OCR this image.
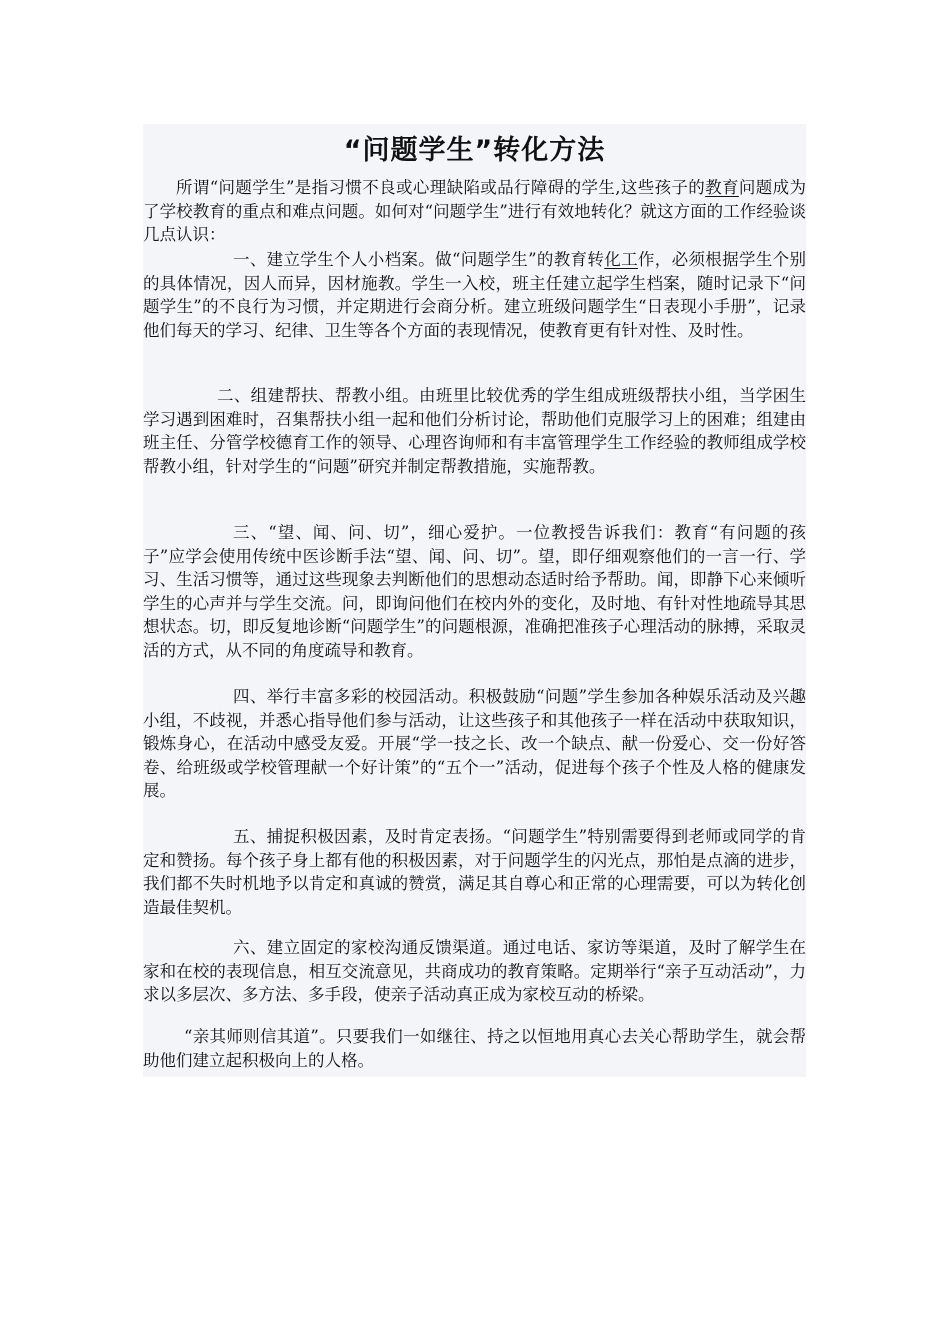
“问题学生”转化方法

所谓“问题学生”是指习惯不良或心理缺陷或品行障碍的学生,这些孩子的教育问题成为了学校教育的重点和难点问题。如何对“问题学生”进行有效地转化？就这方面的工作经验谈几点认识：

一、建立学生个人小档案。做“问题学生”的教育转化工作，必须根据学生个别的具体情况，因人而异，因材施教。学生一入校，班主任建立起学生档案，随时记录下“问题学生”的不良行为习惯，并定期进行会商分析。建立班级问题学生“日表现小手册”，记录他们每天的学习、纪律、卫生等各个方面的表现情况，使教育更有针对性、及时性。

二、组建帮扶、帮教小组。由班里比较优秀的学生组成班级帮扶小组，当学困生学习遇到困难时，召集帮扶小组一起和他们分析讨论，帮助他们克服学习上的困难；组建由班主任、分管学校德育工作的领导、心理咨询师和有丰富管理学生工作经验的教师组成学校帮教小组，针对学生的“问题”研究并制定帮教措施，实施帮教。

三、“望、闻、问、切”，细心爱护。一位教授告诉我们：教育“有问题的孩子”应学会使用传统中医诊断手法“望、闻、问、切”。望，即仔细观察他们的一言一行、学习、生活习惯等，通过这些现象去判断他们的思想动态适时给予帮助。闻，即静下心来倾听学生的心声并与学生交流。问，即询问他们在校内外的变化，及时地、有针对性地疏导其思想状态。切，即反复地诊断“问题学生”的问题根源，准确把准孩子心理活动的脉搏，采取灵活的方式，从不同的角度疏导和教育。

四、举行丰富多彩的校园活动。积极鼓励“问题”学生参加各种娱乐活动及兴趣小组，不歧视，并悉心指导他们参与活动，让这些孩子和其他孩子一样在活动中获取知识，锻炼身心，在活动中感受友爱。开展“学一技之长、改一个缺点、献一份爱心、交一份好答卷、给班级或学校管理献一个好计策”的“五个一”活动，促进每个孩子个性及人格的健康发展。

五、捕捉积极因素，及时肯定表扬。“问题学生”特别需要得到老师或同学的肯定和赞扬。每个孩子身上都有他的积极因素，对于问题学生的闪光点，那怕是点滴的进步，我们都不失时机地予以肯定和真诚的赞赏，满足其自尊心和正常的心理需要，可以为转化创造最佳契机。

六、建立固定的家校沟通反馈渠道。通过电话、家访等渠道，及时了解学生在家和在校的表现信息，相互交流意见，共商成功的教育策略。定期举行“亲子互动活动”，力求以多层次、多方法、多手段，使亲子活动真正成为家校互动的桥梁。

“亲其师则信其道”。只要我们一如继往、持之以恒地用真心去关心帮助学生，就会帮助他们建立起积极向上的人格。
